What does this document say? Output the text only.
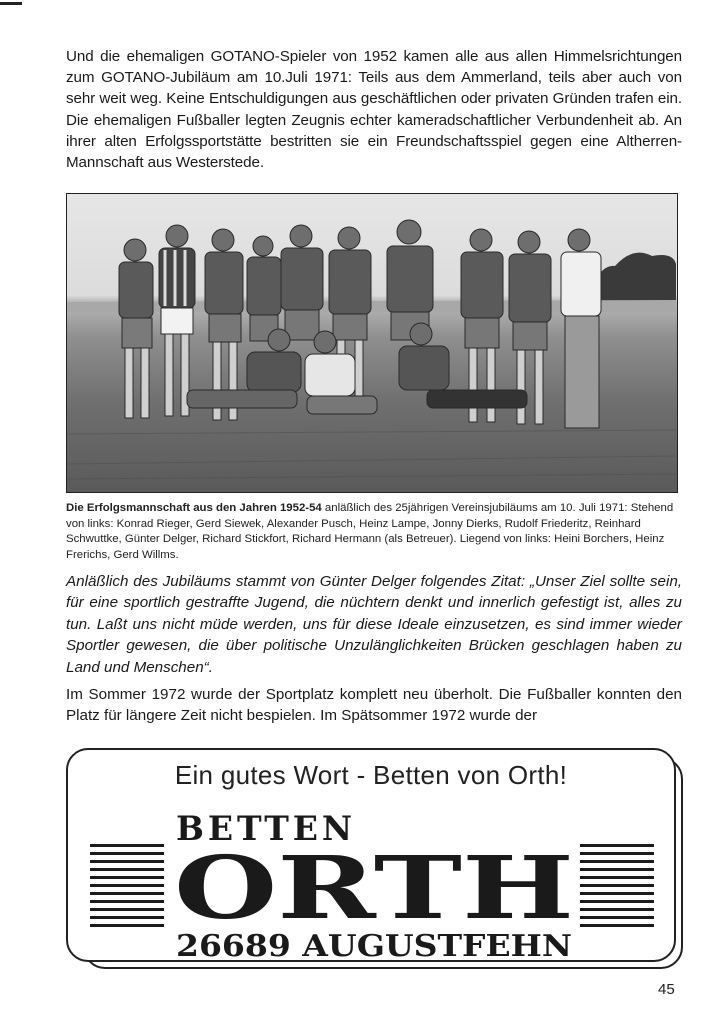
Und die ehemaligen GOTANO-Spieler von 1952 kamen alle aus allen Himmelsrichtungen zum GOTANO-Jubiläum am 10.Juli 1971: Teils aus dem Ammerland, teils aber auch von sehr weit weg. Keine Entschuldigungen aus geschäftlichen oder privaten Gründen trafen ein. Die ehemaligen Fußballer legten Zeugnis echter kameradschaftlicher Verbundenheit ab. An ihrer alten Erfolgssportstätte bestritten sie ein Freundschaftsspiel gegen eine Altherren-Mannschaft aus Westerstede.

Die Erfolgsmannschaft aus den Jahren 1952-54 anläßlich des 25jährigen Vereinsjubiläums am 10. Juli 1971: Stehend von links: Konrad Rieger, Gerd Siewek, Alexander Pusch, Heinz Lampe, Jonny Dierks, Rudolf Friederitz, Reinhard Schwuttke, Günter Delger, Richard Stickfort, Richard Hermann (als Betreuer). Liegend von links: Heini Borchers, Heinz Frerichs, Gerd Willms.

Anläßlich des Jubiläums stammt von Günter Delger folgendes Zitat: „Unser Ziel sollte sein, für eine sportlich gestraffte Jugend, die nüchtern denkt und innerlich gefestigt ist, alles zu tun. Laßt uns nicht müde werden, uns für diese Ideale einzusetzen, es sind immer wieder Sportler gewesen, die über politische Unzulänglichkeiten Brücken geschlagen haben zu Land und Menschen“.

Im Sommer 1972 wurde der Sportplatz komplett neu überholt. Die Fußballer konnten den Platz für längere Zeit nicht bespielen. Im Spätsommer 1972 wurde der

Ein gutes Wort - Betten von Orth!
BETTEN
ORTH
26689 AUGUSTFEHN
45
